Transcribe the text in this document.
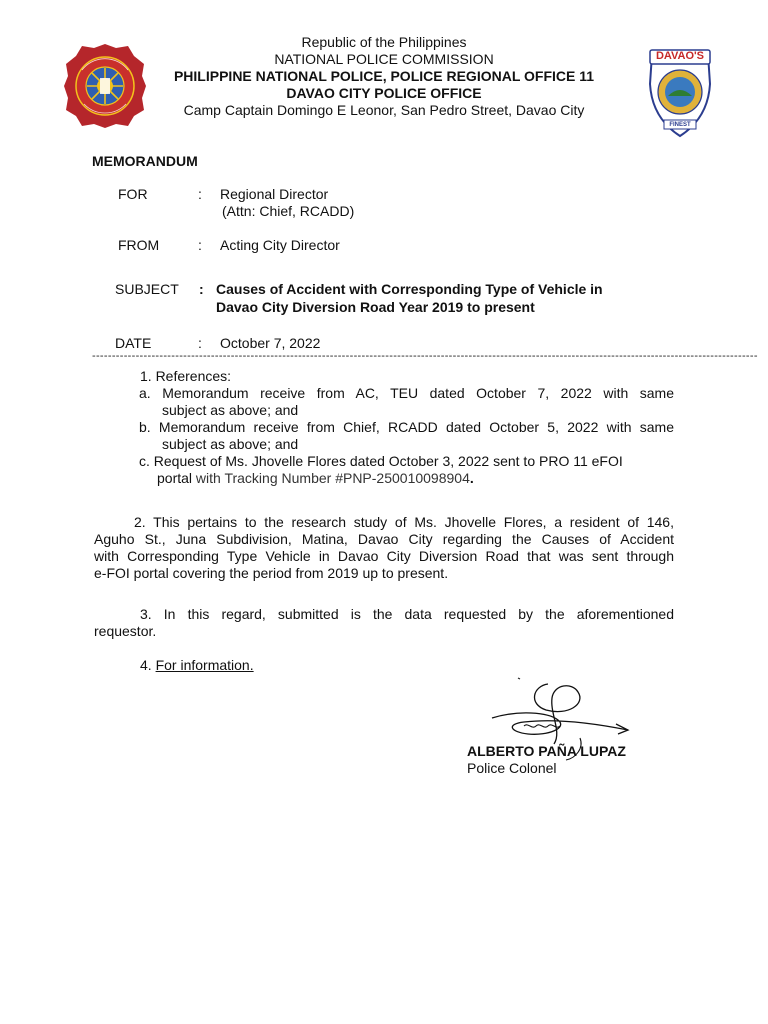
DAVAO'S
FINEST
Republic of the Philippines
NATIONAL POLICE COMMISSION
PHILIPPINE NATIONAL POLICE, POLICE REGIONAL OFFICE 11
DAVAO CITY POLICE OFFICE
Camp Captain Domingo E Leonor, San Pedro Street, Davao City
MEMORANDUM
FOR	: Regional Director
(Attn: Chief, RCADD)
FROM	: Acting City Director
SUBJECT : Causes of Accident with Corresponding Type of Vehicle in
Davao City Diversion Road Year 2019 to present
DATE	: October 7, 2022
------------------------------------------------------------------------------------------------------------------------------------------------------------------------
1. References:
a. Memorandum receive from AC, TEU dated October 7, 2022 with same
subject as above; and
b. Memorandum receive from Chief, RCADD dated October 5, 2022 with same
subject as above; and
c. Request of Ms. Jhovelle Flores dated October 3, 2022 sent to PRO 11 eFOI
portal with Tracking Number #PNP-250010098904.
2. This pertains to the research study of Ms. Jhovelle Flores, a resident of 146,
Aguho St., Juna Subdivision, Matina, Davao City regarding the Causes of Accident
with Corresponding Type Vehicle in Davao City Diversion Road that was sent through
e-FOI portal covering the period from 2019 up to present.
3. In this regard, submitted is the data requested by the aforementioned
requestor.
4. For information.
ALBERTO PAÑA LUPAZ
Police Colonel
